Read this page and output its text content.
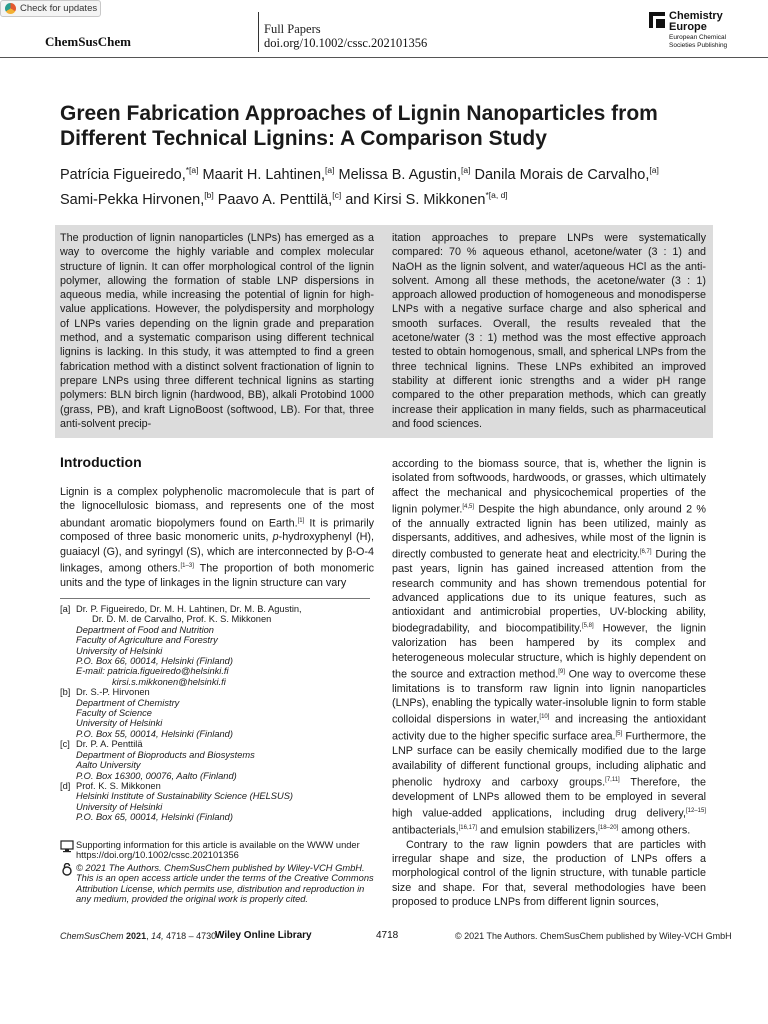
Check for updates
ChemSusChem
Full Papers
doi.org/10.1002/cssc.202101356
Chemistry
Europe
European Chemical
Societies Publishing
Green Fabrication Approaches of Lignin Nanoparticles from Different Technical Lignins: A Comparison Study
Patrícia Figueiredo,$^{*[a]}$ Maarit H. Lahtinen,[a] Melissa B. Agustin,[a] Danila Morais de Carvalho,[a]
Sami-Pekka Hirvonen,[b] Paavo A. Penttilä,[c] and Kirsi S. Mikkonen$^{*[a, d]}$
The production of lignin nanoparticles (LNPs) has emerged as a way to overcome the highly variable and complex molecular structure of lignin. It can offer morphological control of the lignin polymer, allowing the formation of stable LNP dispersions in aqueous media, while increasing the potential of lignin for high-value applications. However, the polydispersity and morphology of LNPs varies depending on the lignin grade and preparation method, and a systematic comparison using different technical lignins is lacking. In this study, it was attempted to find a green fabrication method with a distinct solvent fractionation of lignin to prepare LNPs using three different technical lignins as starting polymers: BLN birch lignin (hardwood, BB), alkali Protobind 1000 (grass, PB), and kraft LignoBoost (softwood, LB). For that, three anti-solvent precip-
itation approaches to prepare LNPs were systematically compared: 70 % aqueous ethanol, acetone/water (3 : 1) and NaOH as the lignin solvent, and water/aqueous HCl as the anti-solvent. Among all these methods, the acetone/water (3 : 1) approach allowed production of homogeneous and monodisperse LNPs with a negative surface charge and also spherical and smooth surfaces. Overall, the results revealed that the acetone/water (3 : 1) method was the most effective approach tested to obtain homogenous, small, and spherical LNPs from the three technical lignins. These LNPs exhibited an improved stability at different ionic strengths and a wider pH range compared to the other preparation methods, which can greatly increase their application in many fields, such as pharmaceutical and food sciences.
Introduction

Lignin is a complex polyphenolic macromolecule that is part of the lignocellulosic biomass, and represents one of the most abundant aromatic biopolymers found on Earth.[1] It is primarily composed of three basic monomeric units, p-hydroxyphenyl (H), guaiacyl (G), and syringyl (S), which are interconnected by β-O-4 linkages, among others.[1–3] The proportion of both monomeric units and the type of linkages in the lignin structure can vary

according to the biomass source, that is, whether the lignin is isolated from softwoods, hardwoods, or grasses, which ultimately affect the mechanical and physicochemical properties of the lignin polymer.[4,5] Despite the high abundance, only around 2 % of the annually extracted lignin has been utilized, mainly as dispersants, additives, and adhesives, while most of the lignin is directly combusted to generate heat and electricity.[6,7] During the past years, lignin has gained increased attention from the research community and has shown tremendous potential for advanced applications due to its unique features, such as antioxidant and antimicrobial properties, UV-blocking ability, biodegradability, and biocompatibility.[5,8] However, the lignin valorization has been hampered by its complex and heterogeneous molecular structure, which is highly dependent on the source and extraction method.[9] One way to overcome these limitations is to transform raw lignin into lignin nanoparticles (LNPs), enabling the typically water-insoluble lignin to form stable colloidal dispersions in water,[10] and increasing the antioxidant activity due to the higher specific surface area.[5] Furthermore, the LNP surface can be easily chemically modified due to the large availability of different functional groups, including aliphatic and phenolic hydroxy and carboxy groups.[7,11] Therefore, the development of LNPs allowed them to be employed in several high value-added applications, including drug delivery,[12–15] antibacterials,[16,17] and emulsion stabilizers,[18–20] among others.

Contrary to the raw lignin powders that are particles with irregular shape and size, the production of LNPs offers a morphological control of the lignin structure, with tunable particle size and shape. For that, several methodologies have been proposed to produce LNPs from different lignin sources,

[a] Dr. P. Figueiredo, Dr. M. H. Lahtinen, Dr. M. B. Agustin,
Dr. D. M. de Carvalho, Prof. K. S. Mikkonen
Department of Food and Nutrition
Faculty of Agriculture and Forestry
University of Helsinki
P.O. Box 66, 00014, Helsinki (Finland)
E-mail: patricia.figueiredo@helsinki.fi
kirsi.s.mikkonen@helsinki.fi
[b] Dr. S.-P. Hirvonen
Department of Chemistry
Faculty of Science
University of Helsinki
P.O. Box 55, 00014, Helsinki (Finland)
[c] Dr. P. A. Penttilä
Department of Bioproducts and Biosystems
Aalto University
P.O. Box 16300, 00076, Aalto (Finland)
[d] Prof. K. S. Mikkonen
Helsinki Institute of Sustainability Science (HELSUS)
University of Helsinki
P.O. Box 65, 00014, Helsinki (Finland)
Supporting information for this article is available on the WWW under https://doi.org/10.1002/cssc.202101356
© 2021 The Authors. ChemSusChem published by Wiley-VCH GmbH. This is an open access article under the terms of the Creative Commons Attribution License, which permits use, distribution and reproduction in any medium, provided the original work is properly cited.
ChemSusChem 2021, 14, 4718 – 4730
Wiley Online Library	4718	© 2021 The Authors. ChemSusChem published by Wiley-VCH GmbH
